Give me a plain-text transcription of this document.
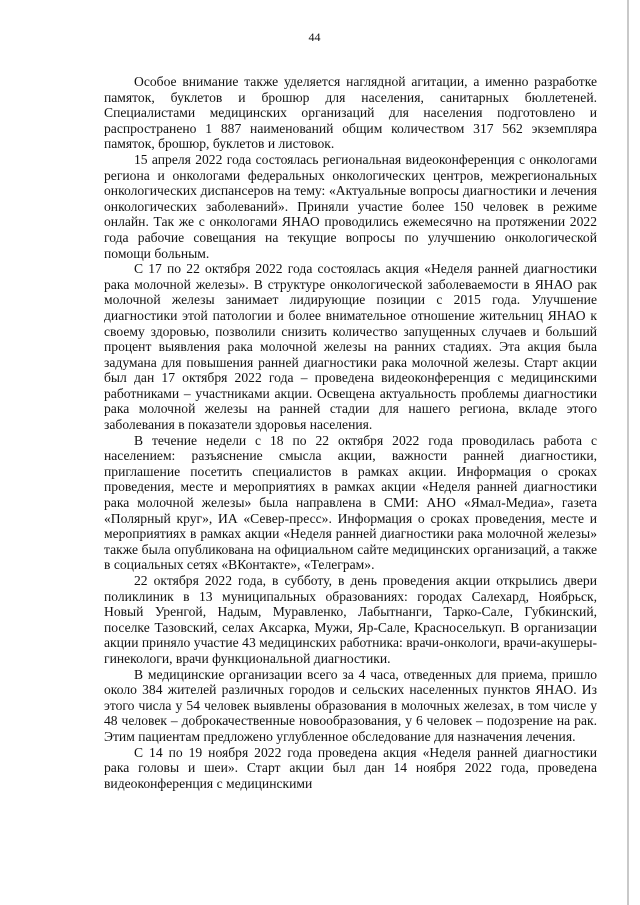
44

Особое внимание также уделяется наглядной агитации, а именно разработке памяток, буклетов и брошюр для населения, санитарных бюллетеней. Специалистами медицинских организаций для населения подготовлено и распространено 1 887 наименований общим количеством 317 562 экземпляра памяток, брошюр, буклетов и листовок.

15 апреля 2022 года состоялась региональная видеоконференция с онкологами региона и онкологами федеральных онкологических центров, межрегиональных онкологических диспансеров на тему: «Актуальные вопросы диагностики и лечения онкологических заболеваний». Приняли участие более 150 человек в режиме онлайн. Так же с онкологами ЯНАО проводились ежемесячно на протяжении 2022 года рабочие совещания на текущие вопросы по улучшению онкологической помощи больным.

С 17 по 22 октября 2022 года состоялась акция «Неделя ранней диагностики рака молочной железы». В структуре онкологической заболеваемости в ЯНАО рак молочной железы занимает лидирующие позиции с 2015 года. Улучшение диагностики этой патологии и более внимательное отношение жительниц ЯНАО к своему здоровью, позволили снизить количество запущенных случаев и больший процент выявления рака молочной железы на ранних стадиях. Эта акция была задумана для повышения ранней диагностики рака молочной железы. Старт акции был дан 17 октября 2022 года – проведена видеоконференция с медицинскими работниками – участниками акции. Освещена актуальность проблемы диагностики рака молочной железы на ранней стадии для нашего региона, вкладе этого заболевания в показатели здоровья населения.

В течение недели с 18 по 22 октября 2022 года проводилась работа с населением: разъяснение смысла акции, важности ранней диагностики, приглашение посетить специалистов в рамках акции. Информация о сроках проведения, месте и мероприятиях в рамках акции «Неделя ранней диагностики рака молочной железы» была направлена в СМИ: АНО «Ямал-Медиа», газета «Полярный круг», ИА «Север-пресс». Информация о сроках проведения, месте и мероприятиях в рамках акции «Неделя ранней диагностики рака молочной железы» также была опубликована на официальном сайте медицинских организаций, а также в социальных сетях «ВКонтакте», «Телеграм».

22 октября 2022 года, в субботу, в день проведения акции открылись двери поликлиник в 13 муниципальных образованиях: городах Салехард, Ноябрьск, Новый Уренгой, Надым, Муравленко, Лабытнанги, Тарко-Сале, Губкинский, поселке Тазовский, селах Аксарка, Мужи, Яр-Сале, Красноселькуп. В организации акции приняло участие 43 медицинских работника: врачи-онкологи, врачи-акушеры-гинекологи, врачи функциональной диагностики.

В медицинские организации всего за 4 часа, отведенных для приема, пришло около 384 жителей различных городов и сельских населенных пунктов ЯНАО. Из этого числа у 54 человек выявлены образования в молочных железах, в том числе у 48 человек – доброкачественные новообразования, у 6 человек – подозрение на рак. Этим пациентам предложено углубленное обследование для назначения лечения.

С 14 по 19 ноября 2022 года проведена акция «Неделя ранней диагностики рака головы и шеи». Старт акции был дан 14 ноября 2022 года, проведена видеоконференция с медицинскими
